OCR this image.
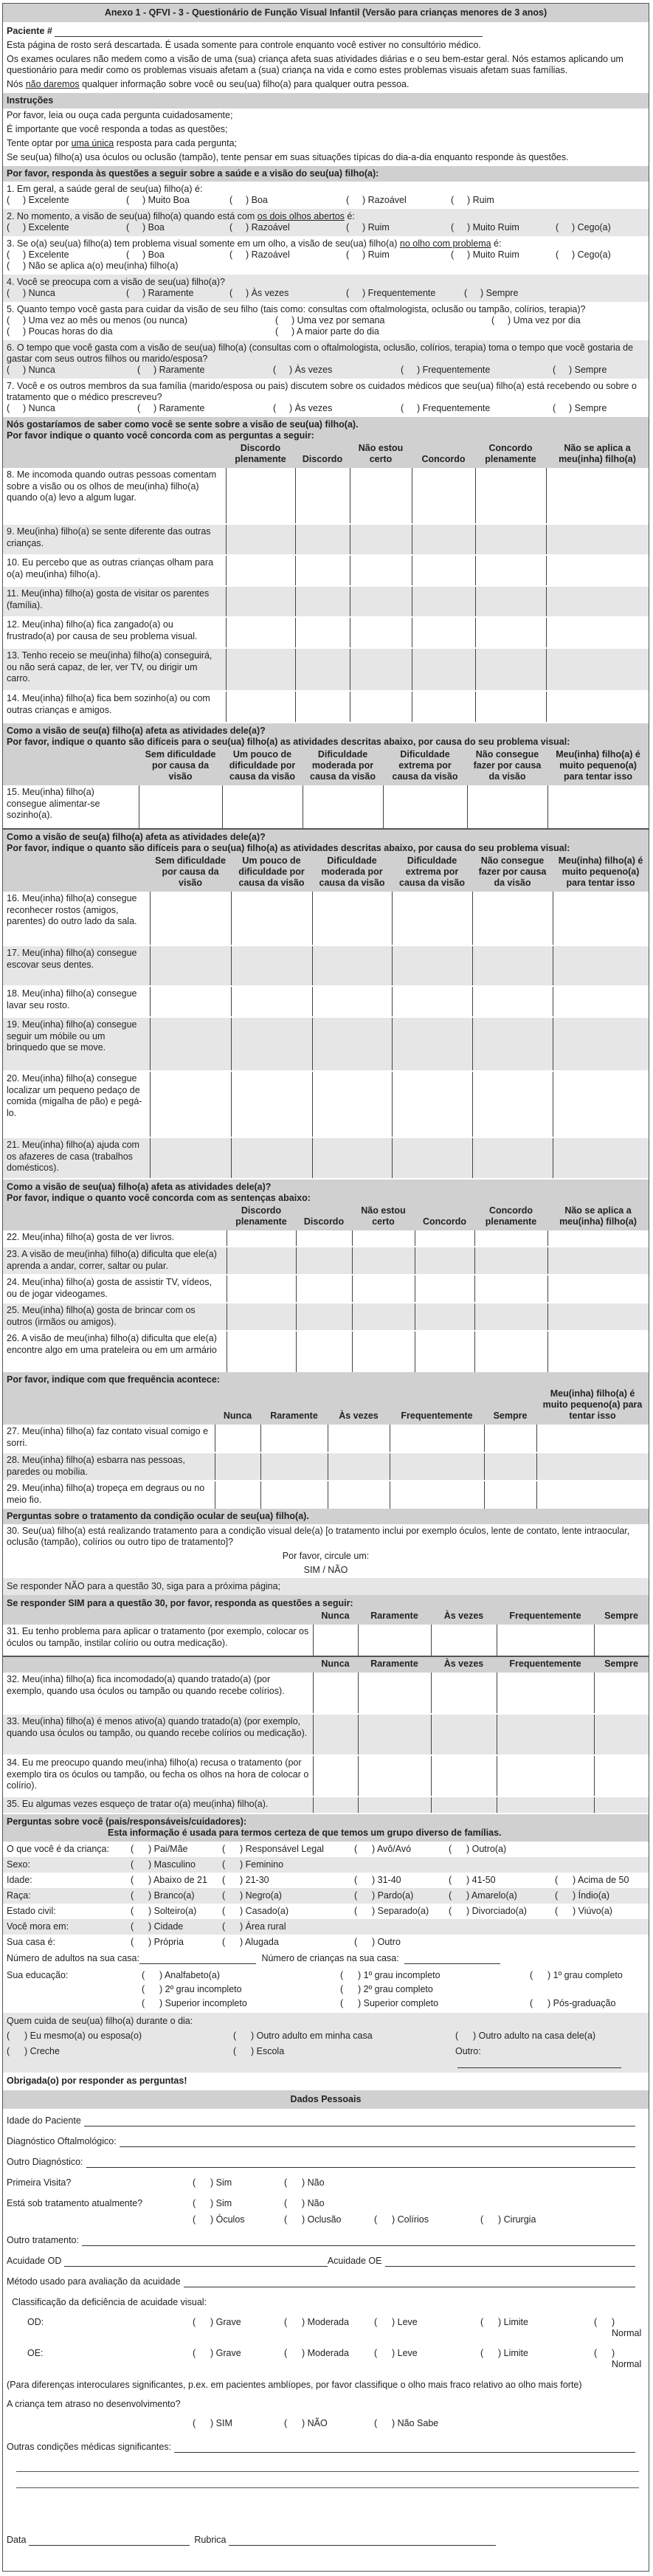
Anexo 1 - QFVI - 3 - Questionário de Função Visual Infantil (Versão para crianças menores de 3 anos)
Paciente #
Esta página de rosto será descartada. É usada somente para controle enquanto você estiver no consultório médico.
Os exames oculares não medem como a visão de uma (sua) criança afeta suas atividades diárias e o seu bem-estar geral. Nós estamos aplicando um questionário para medir como os problemas visuais afetam a (sua) criança na vida e como estes problemas visuais afetam suas famílias.
Nós não daremos qualquer informação sobre você ou seu(ua) filho(a) para qualquer outra pessoa.
Instruções
Por favor, leia ou ouça cada pergunta cuidadosamente;
É importante que você responda a todas as questões;
Tente optar por uma única resposta para cada pergunta;
Se seu(ua) filho(a) usa óculos ou oclusão (tampão), tente pensar em suas situações típicas do dia-a-dia enquanto responde às questões.
Por favor, responda às questões a seguir sobre a saúde e a visão do seu(ua) filho(a):
1. Em geral, a saúde geral de seu(ua) filho(a) é:
( ) Excelente	( ) Muito Boa	( ) Boa	( ) Razoável	( ) Ruim
2. No momento, a visão de seu(ua) filho(a) quando está com os dois olhos abertos é:
( ) Excelente	( ) Boa	( ) Razoável	( ) Ruim	( ) Muito Ruim	( ) Cego(a)
3. Se o(a) seu(ua) filho(a) tem problema visual somente em um olho, a visão de seu(ua) filho(a) no olho com problema é:
( ) Excelente	( ) Boa	( ) Razoável	( ) Ruim	( ) Muito Ruim	( ) Cego(a)
( ) Não se aplica a(o) meu(inha) filho(a)
4. Você se preocupa com a visão de seu(ua) filho(a)?
( ) Nunca	( ) Raramente	( ) Às vezes	( ) Frequentemente	( ) Sempre
5. Quanto tempo você gasta para cuidar da visão de seu filho (tais como: consultas com oftalmologista, oclusão ou tampão, colírios, terapia)?
( ) Uma vez ao mês ou menos (ou nunca)	( ) Uma vez por semana	( ) Uma vez por dia
( ) Poucas horas do dia	( ) A maior parte do dia
6. O tempo que você gasta com a visão de seu(ua) filho(a) (consultas com o oftalmologista, oclusão, colírios, terapia) toma o tempo que você gostaria de gastar com seus outros filhos ou marido/esposa?
( ) Nunca	( ) Raramente	( ) Às vezes	( ) Frequentemente	( ) Sempre
7. Você e os outros membros da sua família (marido/esposa ou pais) discutem sobre os cuidados médicos que seu(ua) filho(a) está recebendo ou sobre o tratamento que o médico prescreveu?
( ) Nunca	( ) Raramente	( ) Às vezes	( ) Frequentemente	( ) Sempre
Nós gostaríamos de saber como você se sente sobre a visão de seu(ua) filho(a).
Por favor indique o quanto você concorda com as perguntas a seguir:
	Discordo plenamente	Discordo	Não estou certo	Concordo	Concordo plenamente	Não se aplica a meu(inha) filho(a)
8. Me incomoda quando outras pessoas comentam sobre a visão ou os olhos de meu(inha) filho(a) quando o(a) levo a algum lugar.						
9. Meu(inha) filho(a) se sente diferente das outras crianças.						
10. Eu percebo que as outras crianças olham para o(a) meu(inha) filho(a).						
11. Meu(inha) filho(a) gosta de visitar os parentes (família).						
12. Meu(inha) filho(a) fica zangado(a) ou frustrado(a) por causa de seu problema visual.						
13. Tenho receio se meu(inha) filho(a) conseguirá, ou não será capaz, de ler, ver TV, ou dirigir um carro.						
14. Meu(inha) filho(a) fica bem sozinho(a) ou com outras crianças e amigos.						
Como a visão de seu(a) filho(a) afeta as atividades dele(a)?
Por favor, indique o quanto são difíceis para o seu(ua) filho(a) as atividades descritas abaixo, por causa do seu problema visual:
	Sem dificuldade por causa da visão	Um pouco de dificuldade por causa da visão	Dificuldade moderada por causa da visão	Dificuldade extrema por causa da visão	Não consegue fazer por causa da visão	Meu(inha) filho(a) é muito pequeno(a) para tentar isso
15. Meu(inha) filho(a) consegue alimentar-se sozinho(a).						
Como a visão de seu(a) filho(a) afeta as atividades dele(a)?
Por favor, indique o quanto são difíceis para o seu(ua) filho(a) as atividades descritas abaixo, por causa do seu problema visual:
	Sem dificuldade por causa da visão	Um pouco de dificuldade por causa da visão	Dificuldade moderada por causa da visão	Dificuldade extrema por causa da visão	Não consegue fazer por causa da visão	Meu(inha) filho(a) é muito pequeno(a) para tentar isso
16. Meu(inha) filho(a) consegue reconhecer rostos (amigos, parentes) do outro lado da sala.						
17. Meu(inha) filho(a) consegue escovar seus dentes.						
18. Meu(inha) filho(a) consegue lavar seu rosto.						
19. Meu(inha) filho(a) consegue seguir um móbile ou um brinquedo que se move.						
20. Meu(inha) filho(a) consegue localizar um pequeno pedaço de comida (migalha de pão) e pegá-lo.						
21. Meu(inha) filho(a) ajuda com os afazeres de casa (trabalhos domésticos).						
Como a visão de seu(ua) filho(a) afeta as atividades dele(a)?
Por favor, indique o quanto você concorda com as sentenças abaixo:
	Discordo plenamente	Discordo	Não estou certo	Concordo	Concordo plenamente	Não se aplica a meu(inha) filho(a)
22. Meu(inha) filho(a) gosta de ver livros.						
23. A visão de meu(inha) filho(a) dificulta que ele(a) aprenda a andar, correr, saltar ou pular.						
24. Meu(inha) filho(a) gosta de assistir TV, vídeos, ou de jogar videogames.						
25. Meu(inha) filho(a) gosta de brincar com os outros (irmãos ou amigos).						
26. A visão de meu(inha) filho(a) dificulta que ele(a) encontre algo em uma prateleira ou em um armário						
Por favor, indique com que frequência acontece:
	Nunca	Raramente	Às vezes	Frequentemente	Sempre	Meu(inha) filho(a) é muito pequeno(a) para tentar isso
27. Meu(inha) filho(a) faz contato visual comigo e sorri.						
28. Meu(inha) filho(a) esbarra nas pessoas, paredes ou mobília.						
29. Meu(inha) filho(a) tropeça em degraus ou no meio fio.						
Perguntas sobre o tratamento da condição ocular de seu(ua) filho(a).
30. Seu(ua) filho(a) está realizando tratamento para a condição visual dele(a) [o tratamento inclui por exemplo óculos, lente de contato, lente intraocular, oclusão (tampão), colírios ou outro tipo de tratamento]?
Por favor, circule um:
SIM / NÃO
Se responder NÃO para a questão 30, siga para a próxima página;
Se responder SIM para a questão 30, por favor, responda as questões a seguir:
	Nunca	Raramente	Às vezes	Frequentemente	Sempre
31. Eu tenho problema para aplicar o tratamento (por exemplo, colocar os óculos ou tampão, instilar colírio ou outra medicação).					
	Nunca	Raramente	Às vezes	Frequentemente	Sempre
32. Meu(inha) filho(a) fica incomodado(a) quando tratado(a) (por exemplo, quando usa óculos ou tampão ou quando recebe colírios).					
33. Meu(inha) filho(a) é menos ativo(a) quando tratado(a) (por exemplo, quando usa óculos ou tampão, ou quando recebe colírios ou medicação).					
34. Eu me preocupo quando meu(inha) filho(a) recusa o tratamento (por exemplo tira os óculos ou tampão, ou fecha os olhos na hora de colocar o colírio).					
35. Eu algumas vezes esqueço de tratar o(a) meu(inha) filho(a).					
Perguntas sobre você (pais/responsáveis/cuidadores):
Esta informação é usada para termos certeza de que temos um grupo diverso de famílias.
O que você é da criança:	(	) Pai/Mãe	(	) Responsável Legal	(	) Avô/Avó	(	) Outro(a)
Sexo:	(	) Masculino	(	) Feminino
Idade:	(	) Abaixo de 21	(	) 21-30	(	) 31-40	(	) 41-50	(	) Acima de 50
Raça:	(	) Branco(a)	(	) Negro(a)	(	) Pardo(a)	(	) Amarelo(a)	(	) Índio(a)
Estado civil:	(	) Solteiro(a)	(	) Casado(a)	(	) Separado(a)	(	) Divorciado(a)	(	) Viúvo(a)
Você mora em:	(	) Cidade	(	) Área rural
Sua casa é:	(	) Própria	(	) Alugada	(	) Outro
Número de adultos na sua casa:	Número de crianças na sua casa:
Sua educação:	(	) Analfabeto(a)	(	) 1º grau incompleto	(	) 1º grau completo
(	) 2º grau incompleto	(	) 2º grau completo
(	) Superior incompleto	(	) Superior completo	(	) Pós-graduação
Quem cuida de seu(ua) filho(a) durante o dia:
(	) Eu mesmo(a) ou esposa(o)	(	) Outro adulto em minha casa	(	) Outro adulto na casa dele(a)
(	) Creche	(	) Escola	Outro:
Obrigada(o) por responder as perguntas!
Dados Pessoais
Idade do Paciente
Diagnóstico Oftalmológico:
Outro Diagnóstico:
Primeira Visita?	(	) Sim	(	) Não
Está sob tratamento atualmente?	(	) Sim	(	) Não
(	) Óculos	(	) Oclusão	(	) Colírios	(	) Cirurgia
Outro tratamento:
Acuidade OD	Acuidade OE
Método usado para avaliação da acuidade
Classificação da deficiência de acuidade visual:
OD:	(	) Grave	(	) Moderada	(	) Leve	(	) Limite	(	) Normal
OE:	(	) Grave	(	) Moderada	(	) Leve	(	) Limite	(	) Normal
(Para diferenças interoculares significantes, p.ex. em pacientes amblíopes, por favor classifique o olho mais fraco relativo ao olho mais forte)
A criança tem atraso no desenvolvimento?
(	) SIM	(	) NÃO	(	) Não Sabe
Outras condições médicas significantes:
Data	Rubrica
